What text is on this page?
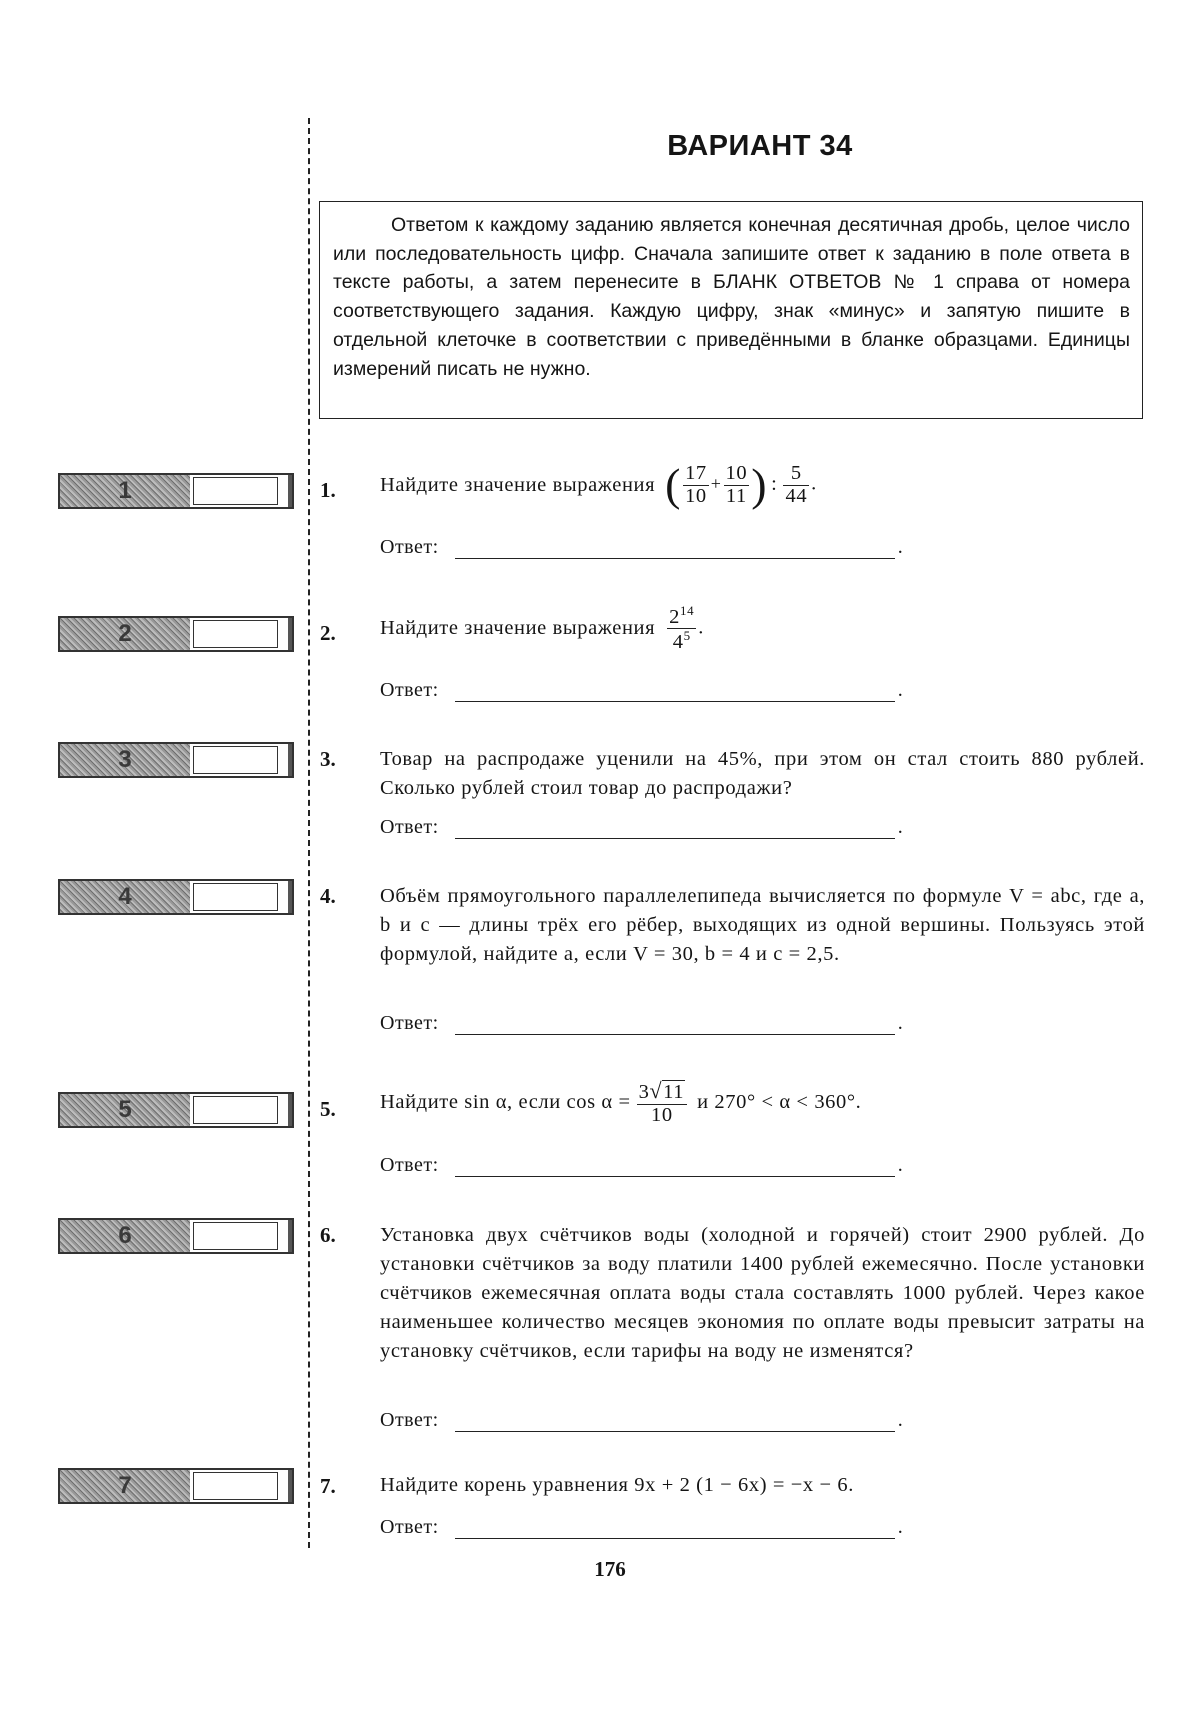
ВАРИАНТ 34

Ответом к каждому заданию является конечная десятичная дробь, целое число или последовательность цифр. Сначала запишите ответ к заданию в поле ответа в тексте работы, а затем перенесите в БЛАНК ОТВЕТОВ № 1 справа от номера соответствующего задания. Каждую цифру, знак «минус» и запятую пишите в отдельной клеточке в соответствии с приведёнными в бланке образцами. Единицы измерений писать не нужно.

1	1. Найдите значение выражения ( $\frac{17}{10} + \frac{10}{11}$ ) : $\frac{5}{44}$ .
Ответ:	.
2	2. Найдите значение выражения $\frac{2^{14}}{4^5}$ .
Ответ:	.
3	3. Товар на распродаже уценили на 45%, при этом он стал стоить 880 рублей. Сколько рублей стоил товар до распродажи?
Ответ:	.
4	4. Объём прямоугольного параллелепипеда вычисляется по формуле V = abc, где a, b и c — длины трёх его рёбер, выходящих из одной вершины. Пользуясь этой формулой, найдите a, если V = 30, b = 4 и c = 2,5.
Ответ:	.
5	5. Найдите sin α, если $\cos \alpha = \frac{3√11}{10}$ и 270° < α < 360°.
Ответ:	.
6	6. Установка двух счётчиков воды (холодной и горячей) стоит 2900 рублей. До установки счётчиков за воду платили 1400 рублей ежемесячно. После установки счётчиков ежемесячная оплата воды стала составлять 1000 рублей. Через какое наименьшее количество месяцев экономия по оплате воды превысит затраты на установку счётчиков, если тарифы на воду не изменятся?
Ответ:	.
7	7. Найдите корень уравнения 9x + 2 (1 − 6x) = −x − 6.
Ответ:	.
176
